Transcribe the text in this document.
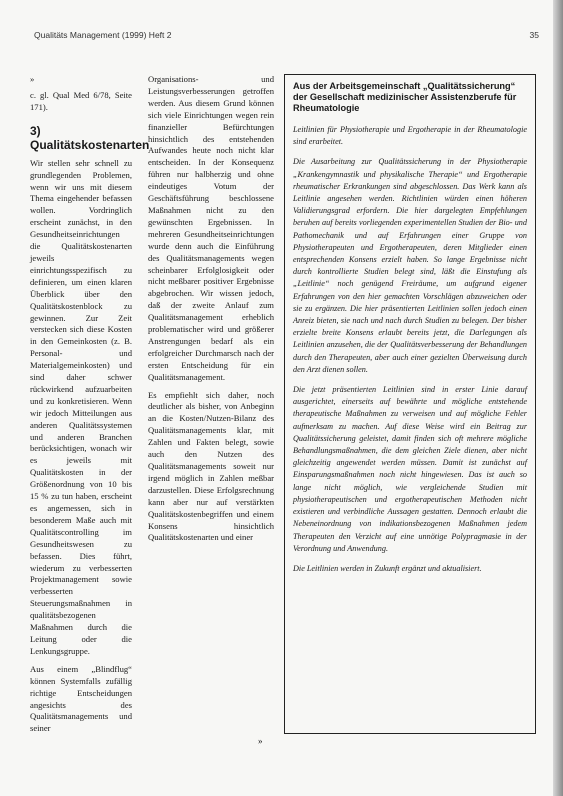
Qualitäts Management (1999) Heft 2	35
»

c. gl. Qual Med 6/78, Seite 171).

3) Qualitätskostenarten

Wir stellen sehr schnell zu grundlegenden Problemen, wenn wir uns mit diesem Thema eingehender befassen wollen. Vordringlich erscheint zunächst, in den Gesundheitseinrichtungen die Qualitätskostenarten jeweils einrichtungsspezifisch zu definieren, um einen klaren Überblick über den Qualitätskostenblock zu gewinnen. Zur Zeit verstecken sich diese Kosten in den Gemeinkosten (z. B. Personal- und Materialgemeinkosten) und sind daher schwer rückwirkend aufzuarbeiten und zu konkretisieren. Wenn wir jedoch Mitteilungen aus anderen Qualitätssystemen und anderen Branchen berücksichtigen, wonach wir es jeweils mit Qualitätskosten in der Größenordnung von 10 bis 15 % zu tun haben, erscheint es angemessen, sich in besonderem Maße auch mit Qualitätscontrolling im Gesundheitswesen zu befassen. Dies führt, wiederum zu verbesserten Projektmanagement sowie verbesserten Steuerungsmaßnahmen in qualitätsbezogenen Maßnahmen durch die Leitung oder die Lenkungsgruppe.

Aus einem „Blindflug“ können Systemfalls zufällig richtige Entscheidungen angesichts des Qualitätsmanagements und seiner

Organisations- und Leistungsverbesserungen getroffen werden. Aus diesem Grund können sich viele Einrichtungen wegen rein finanzieller Befürchtungen hinsichtlich des entstehenden Aufwandes heute noch nicht klar entscheiden. In der Konsequenz führen nur halbherzig und ohne eindeutiges Votum der Geschäftsführung beschlossene Maßnahmen nicht zu den gewünschten Ergebnissen. In mehreren Gesundheitseinrichtungen wurde denn auch die Einführung des Qualitätsmanagements wegen scheinbarer Erfolglosigkeit oder nicht meßbarer positiver Ergebnisse abgebrochen. Wir wissen jedoch, daß der zweite Anlauf zum Qualitätsmanagement erheblich problematischer wird und größerer Anstrengungen bedarf als ein erfolgreicher Durchmarsch nach der ersten Entscheidung für ein Qualitätsmanagement.

Es empfiehlt sich daher, noch deutlicher als bisher, von Anbeginn an die Kosten/Nutzen-Bilanz des Qualitätsmanagements klar, mit Zahlen und Fakten belegt, sowie auch den Nutzen des Qualitätsmanagements soweit nur irgend möglich in Zahlen meßbar darzustellen. Diese Erfolgsrechnung kann aber nur auf verstärkten Qualitätskostenbegriffen und einem Konsens hinsichtlich Qualitätskostenarten und einer

»
Aus der Arbeitsgemeinschaft „Qualitätssicherung“ der Gesellschaft medizinischer Assistenzberufe für Rheumatologie

Leitlinien für Physiotherapie und Ergotherapie in der Rheumatologie sind erarbeitet.

Die Ausarbeitung zur Qualitätssicherung in der Physiotherapie „Krankengymnastik und physikalische Therapie“ und Ergotherapie rheumatischer Erkrankungen sind abgeschlossen. Das Werk kann als Leitlinie angesehen werden. Richtlinien würden einen höheren Validierungsgrad erfordern. Die hier dargelegten Empfehlungen beruhen auf bereits vorliegenden experimentellen Studien der Bio- und Pathomechanik und auf Erfahrungen einer Gruppe von Physiotherapeuten und Ergotherapeuten, deren Mitglieder einen entsprechenden Konsens erzielt haben. So lange Ergebnisse nicht durch kontrollierte Studien belegt sind, läßt die Einstufung als „Leitlinie“ noch genügend Freiräume, um aufgrund eigener Erfahrungen von den hier gemachten Vorschlägen abzuweichen oder sie zu ergänzen. Die hier präsentierten Leitlinien sollen jedoch einen Anreiz bieten, sie nach und nach durch Studien zu belegen. Der bisher erzielte breite Konsens erlaubt bereits jetzt, die Darlegungen als Leitlinien anzusehen, die der Qualitätsverbesserung der Behandlungen durch den Therapeuten, aber auch einer gezielten Überweisung durch den Arzt dienen sollen.

Die jetzt präsentierten Leitlinien sind in erster Linie darauf ausgerichtet, einerseits auf bewährte und mögliche entstehende therapeutische Maßnahmen zu verweisen und auf mögliche Fehler aufmerksam zu machen. Auf diese Weise wird ein Beitrag zur Qualitätssicherung geleistet, damit finden sich oft mehrere mögliche Behandlungsmaßnahmen, die dem gleichen Ziele dienen, aber nicht gleichzeitig angewendet werden müssen. Damit ist zunächst auf Einsparungsmaßnahmen noch nicht hingewiesen. Das ist auch so lange nicht möglich, wie vergleichende Studien mit physiotherapeutischen und ergotherapeutischen Methoden nicht existieren und verbindliche Aussagen gestatten. Dennoch erlaubt die Nebeneinordnung von indikationsbezogenen Maßnahmen jedem Therapeuten den Verzicht auf eine unnötige Polypragmasie in der Verordnung und Anwendung.

Die Leitlinien werden in Zukunft ergänzt und aktualisiert.
